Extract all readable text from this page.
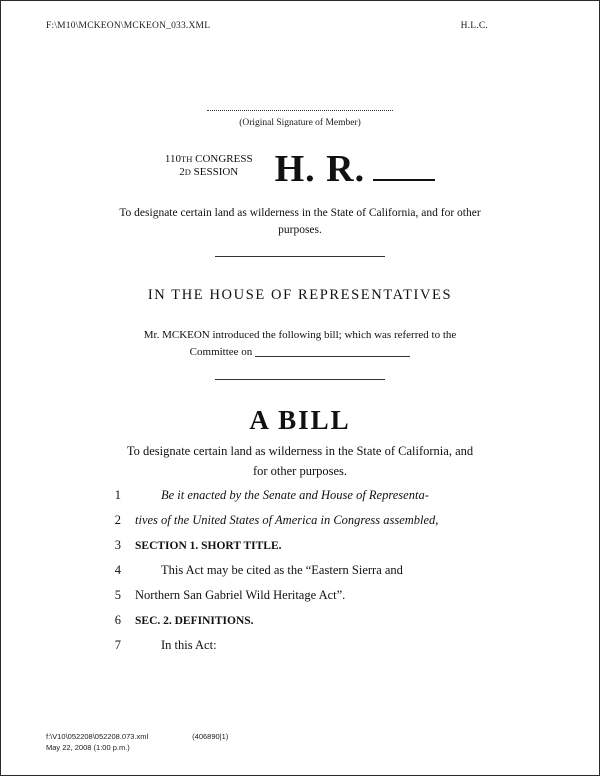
F:\M10\MCKEON\MCKEON_033.XML	H.L.C.
(Original Signature of Member)
110TH CONGRESS
2D SESSION H. R.
To designate certain land as wilderness in the State of California, and for other purposes.
IN THE HOUSE OF REPRESENTATIVES
Mr. MCKEON introduced the following bill; which was referred to the
Committee on
A BILL
To designate certain land as wilderness in the State of California, and for other purposes.
1	Be it enacted by the Senate and House of Representa-
2	tives of the United States of America in Congress assembled,
3	SECTION 1. SHORT TITLE.
4	This Act may be cited as the “Eastern Sierra and
5	Northern San Gabriel Wild Heritage Act”.
6	SEC. 2. DEFINITIONS.
7	In this Act:
f:\V10\052208\052208.073.xml	(406890|1)
May 22, 2008 (1:00 p.m.)
